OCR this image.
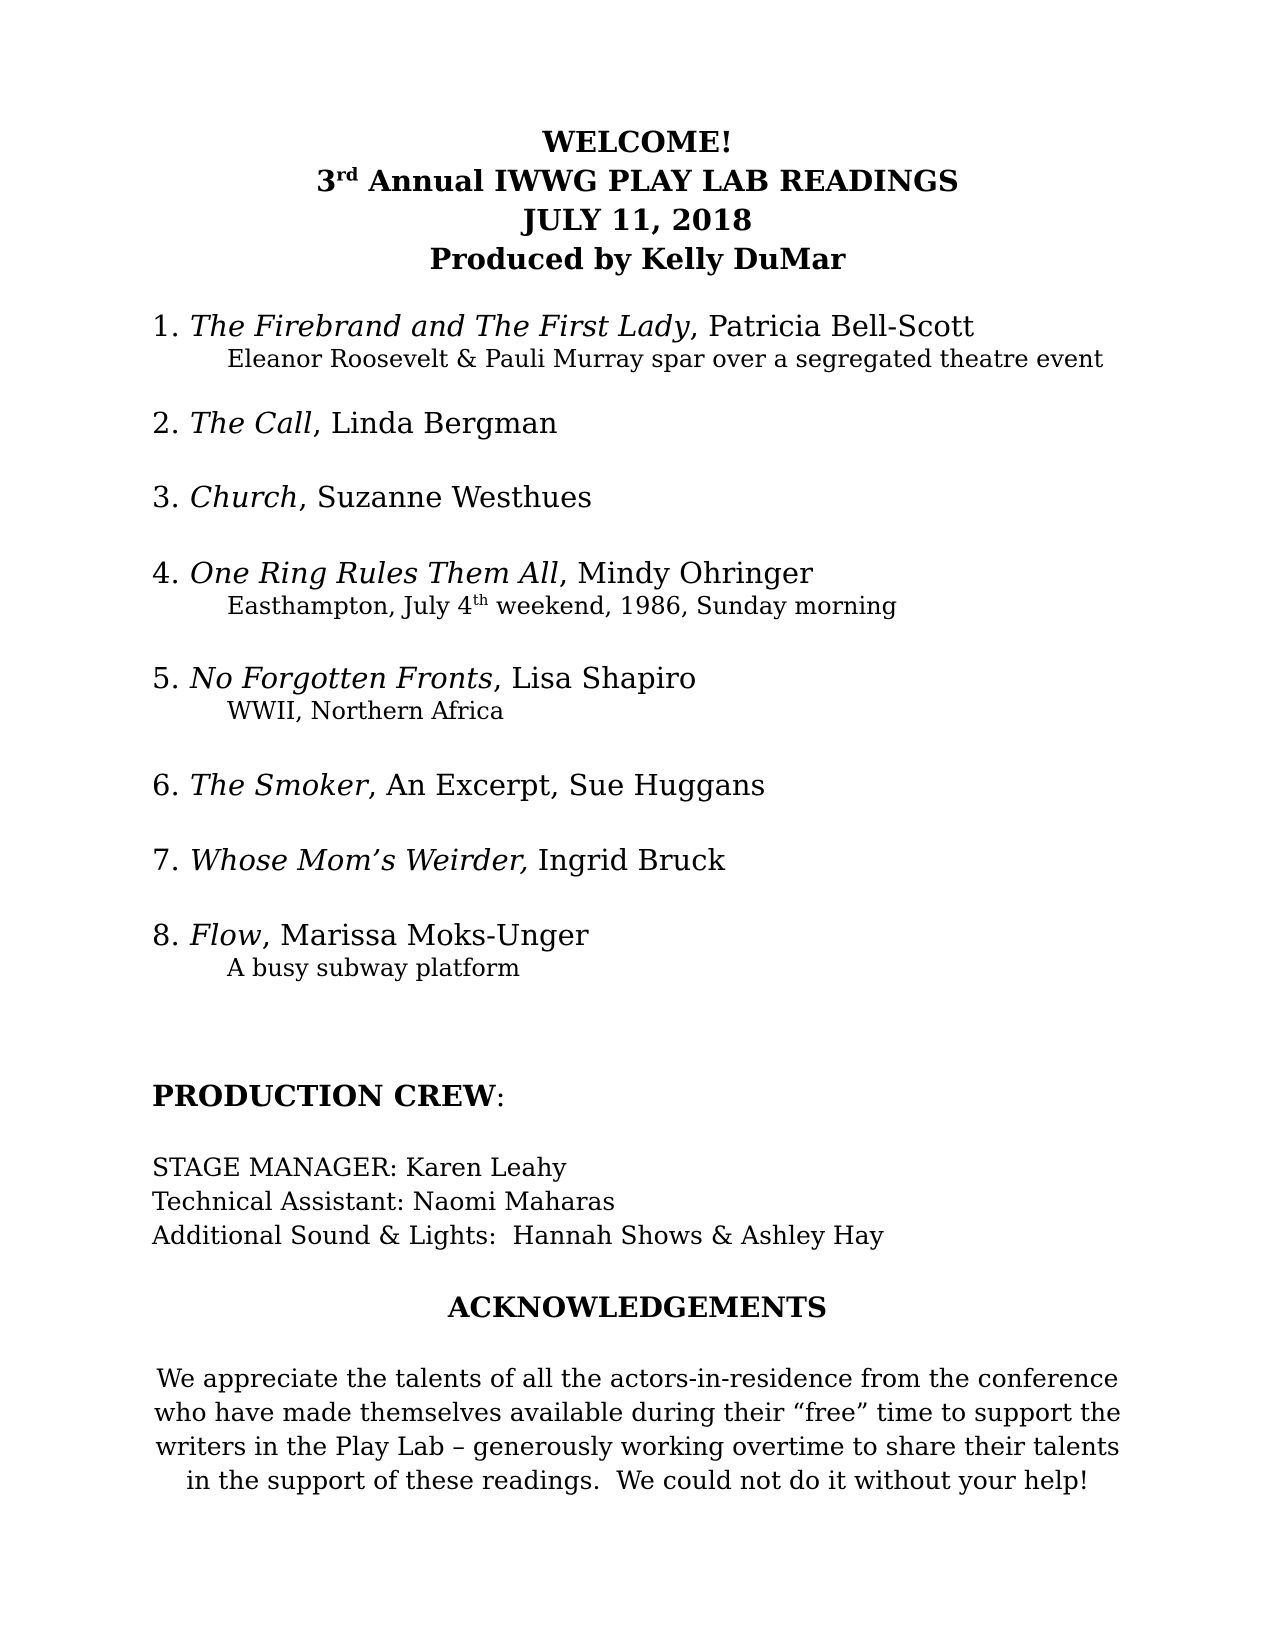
WELCOME!
3rd Annual IWWG PLAY LAB READINGS
JULY 11, 2018
Produced by Kelly DuMar
1. The Firebrand and The First Lady, Patricia Bell-Scott
Eleanor Roosevelt & Pauli Murray spar over a segregated theatre event
2. The Call, Linda Bergman
3. Church, Suzanne Westhues
4. One Ring Rules Them All, Mindy Ohringer
Easthampton, July 4th weekend, 1986, Sunday morning
5. No Forgotten Fronts, Lisa Shapiro
WWII, Northern Africa
6. The Smoker, An Excerpt, Sue Huggans
7. Whose Mom’s Weirder, Ingrid Bruck
8. Flow, Marissa Moks-Unger
A busy subway platform
PRODUCTION CREW:
STAGE MANAGER: Karen Leahy
Technical Assistant: Naomi Maharas
Additional Sound & Lights:  Hannah Shows & Ashley Hay
ACKNOWLEDGEMENTS
We appreciate the talents of all the actors-in-residence from the conference
who have made themselves available during their “free” time to support the
writers in the Play Lab – generously working overtime to share their talents
in the support of these readings.  We could not do it without your help!
